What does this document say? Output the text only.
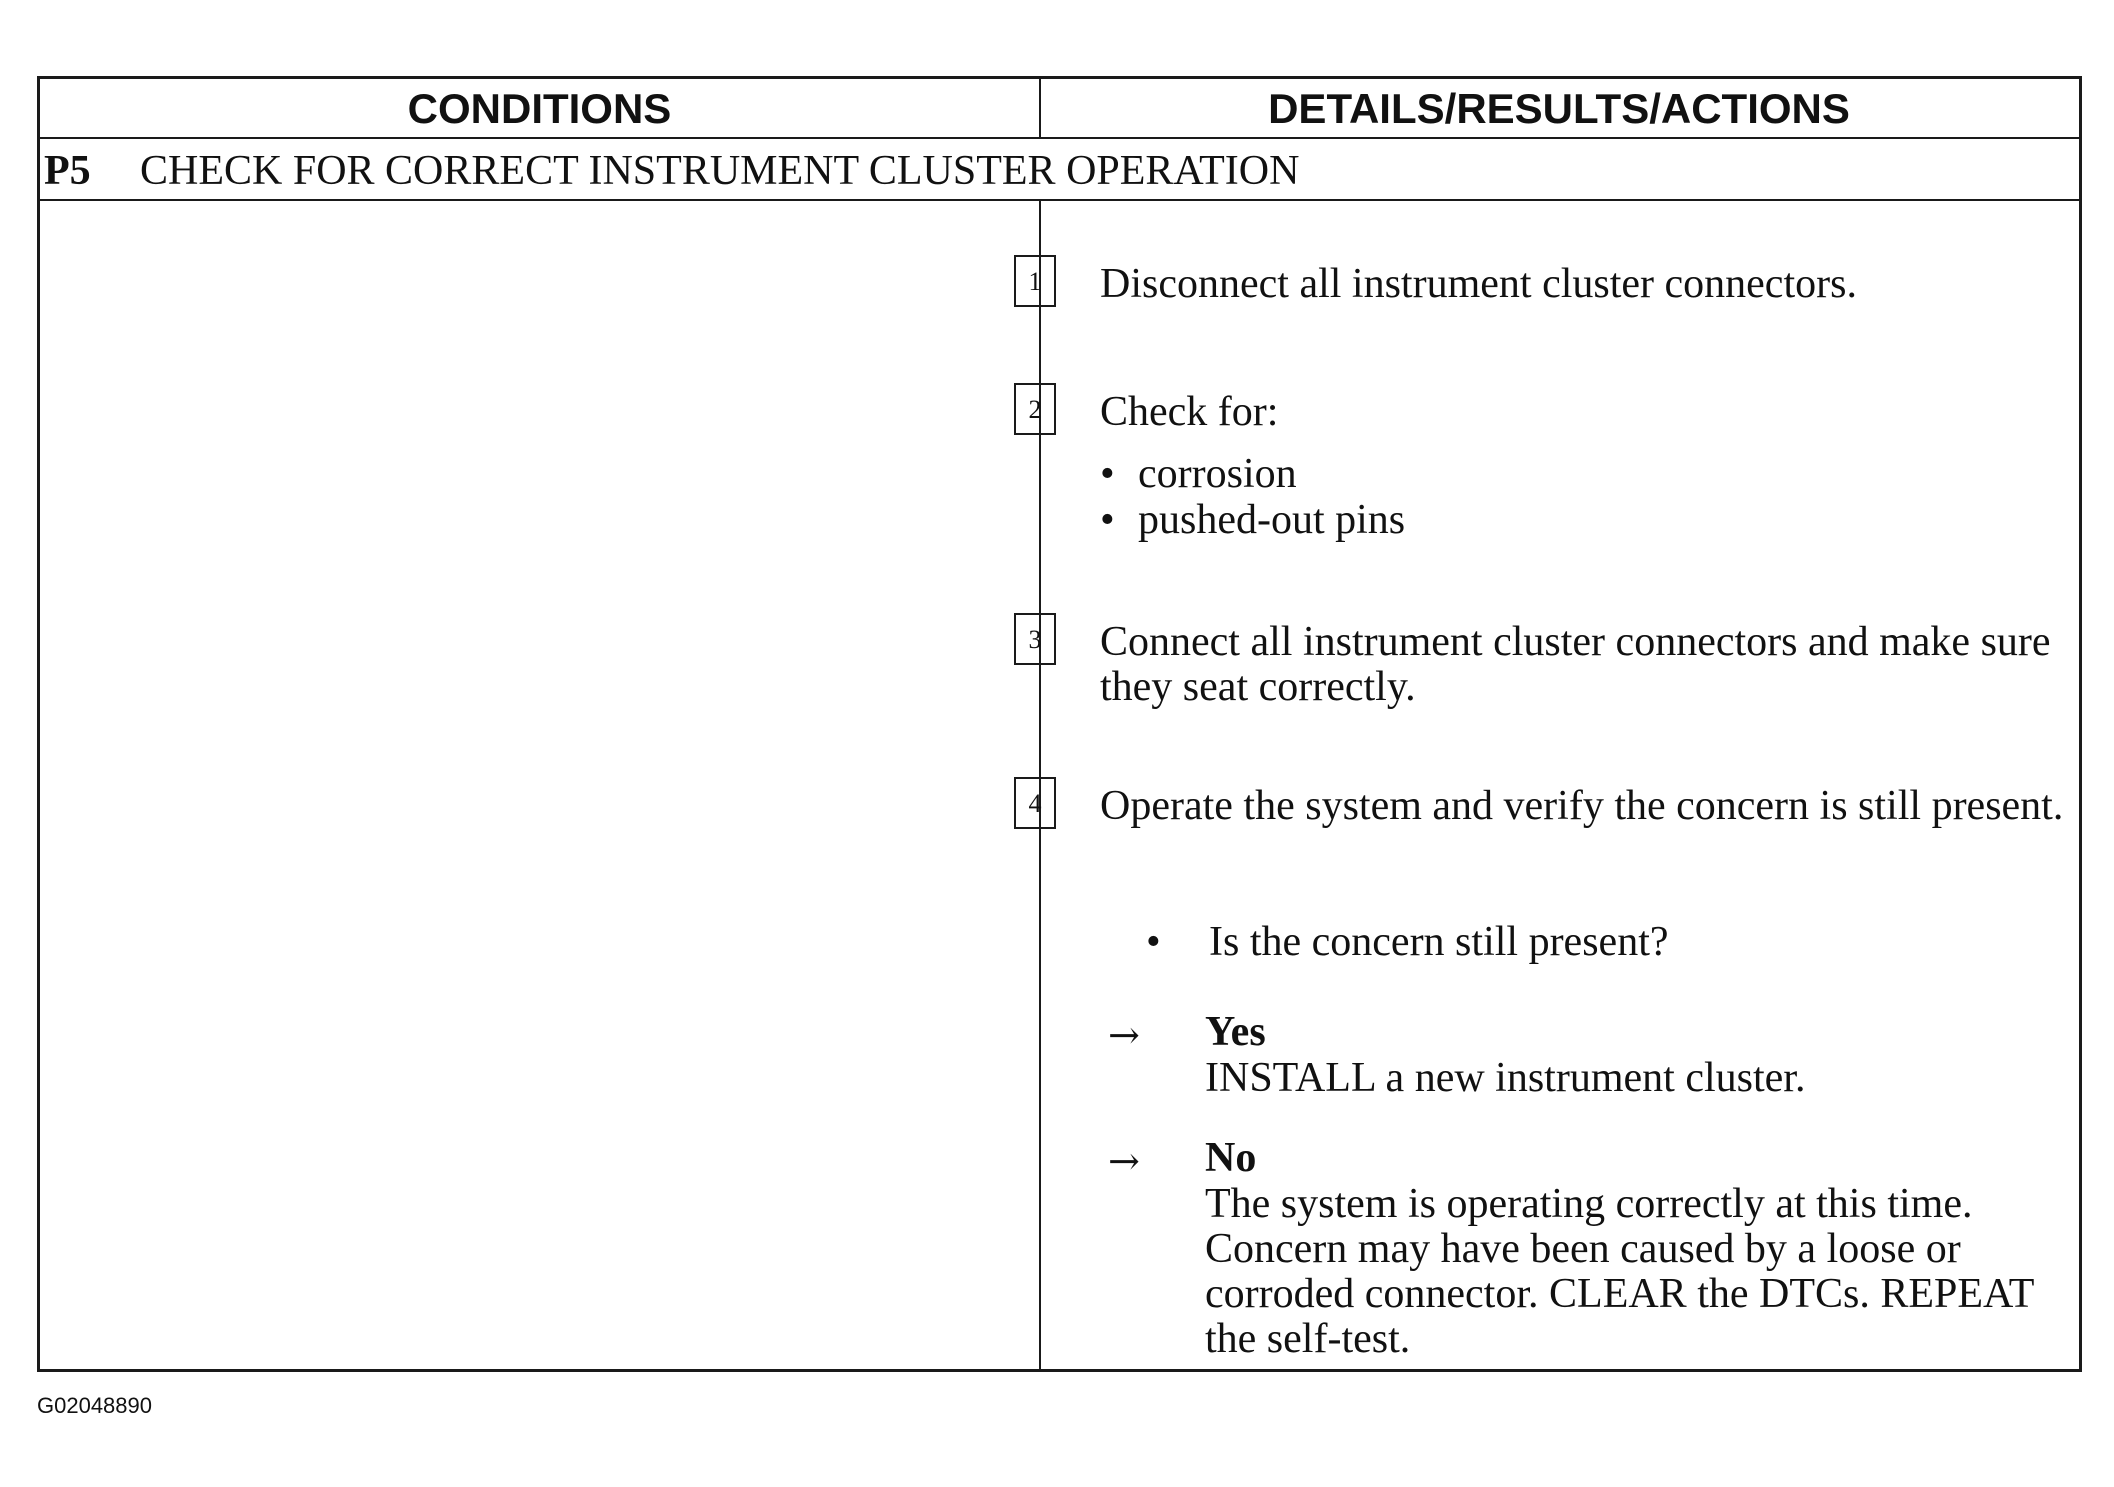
CONDITIONS	DETAILS/RESULTS/ACTIONS
P5 CHECK FOR CORRECT INSTRUMENT CLUSTER OPERATION
1	Disconnect all instrument cluster connectors.
2	Check for:
• corrosion
• pushed-out pins
3	Connect all instrument cluster connectors and make sure they seat correctly.
4	Operate the system and verify the concern is still present.
• Is the concern still present?
→ Yes
INSTALL a new instrument cluster.
→ No
The system is operating correctly at this time. Concern may have been caused by a loose or corroded connector. CLEAR the DTCs. REPEAT the self-test.
G02048890
